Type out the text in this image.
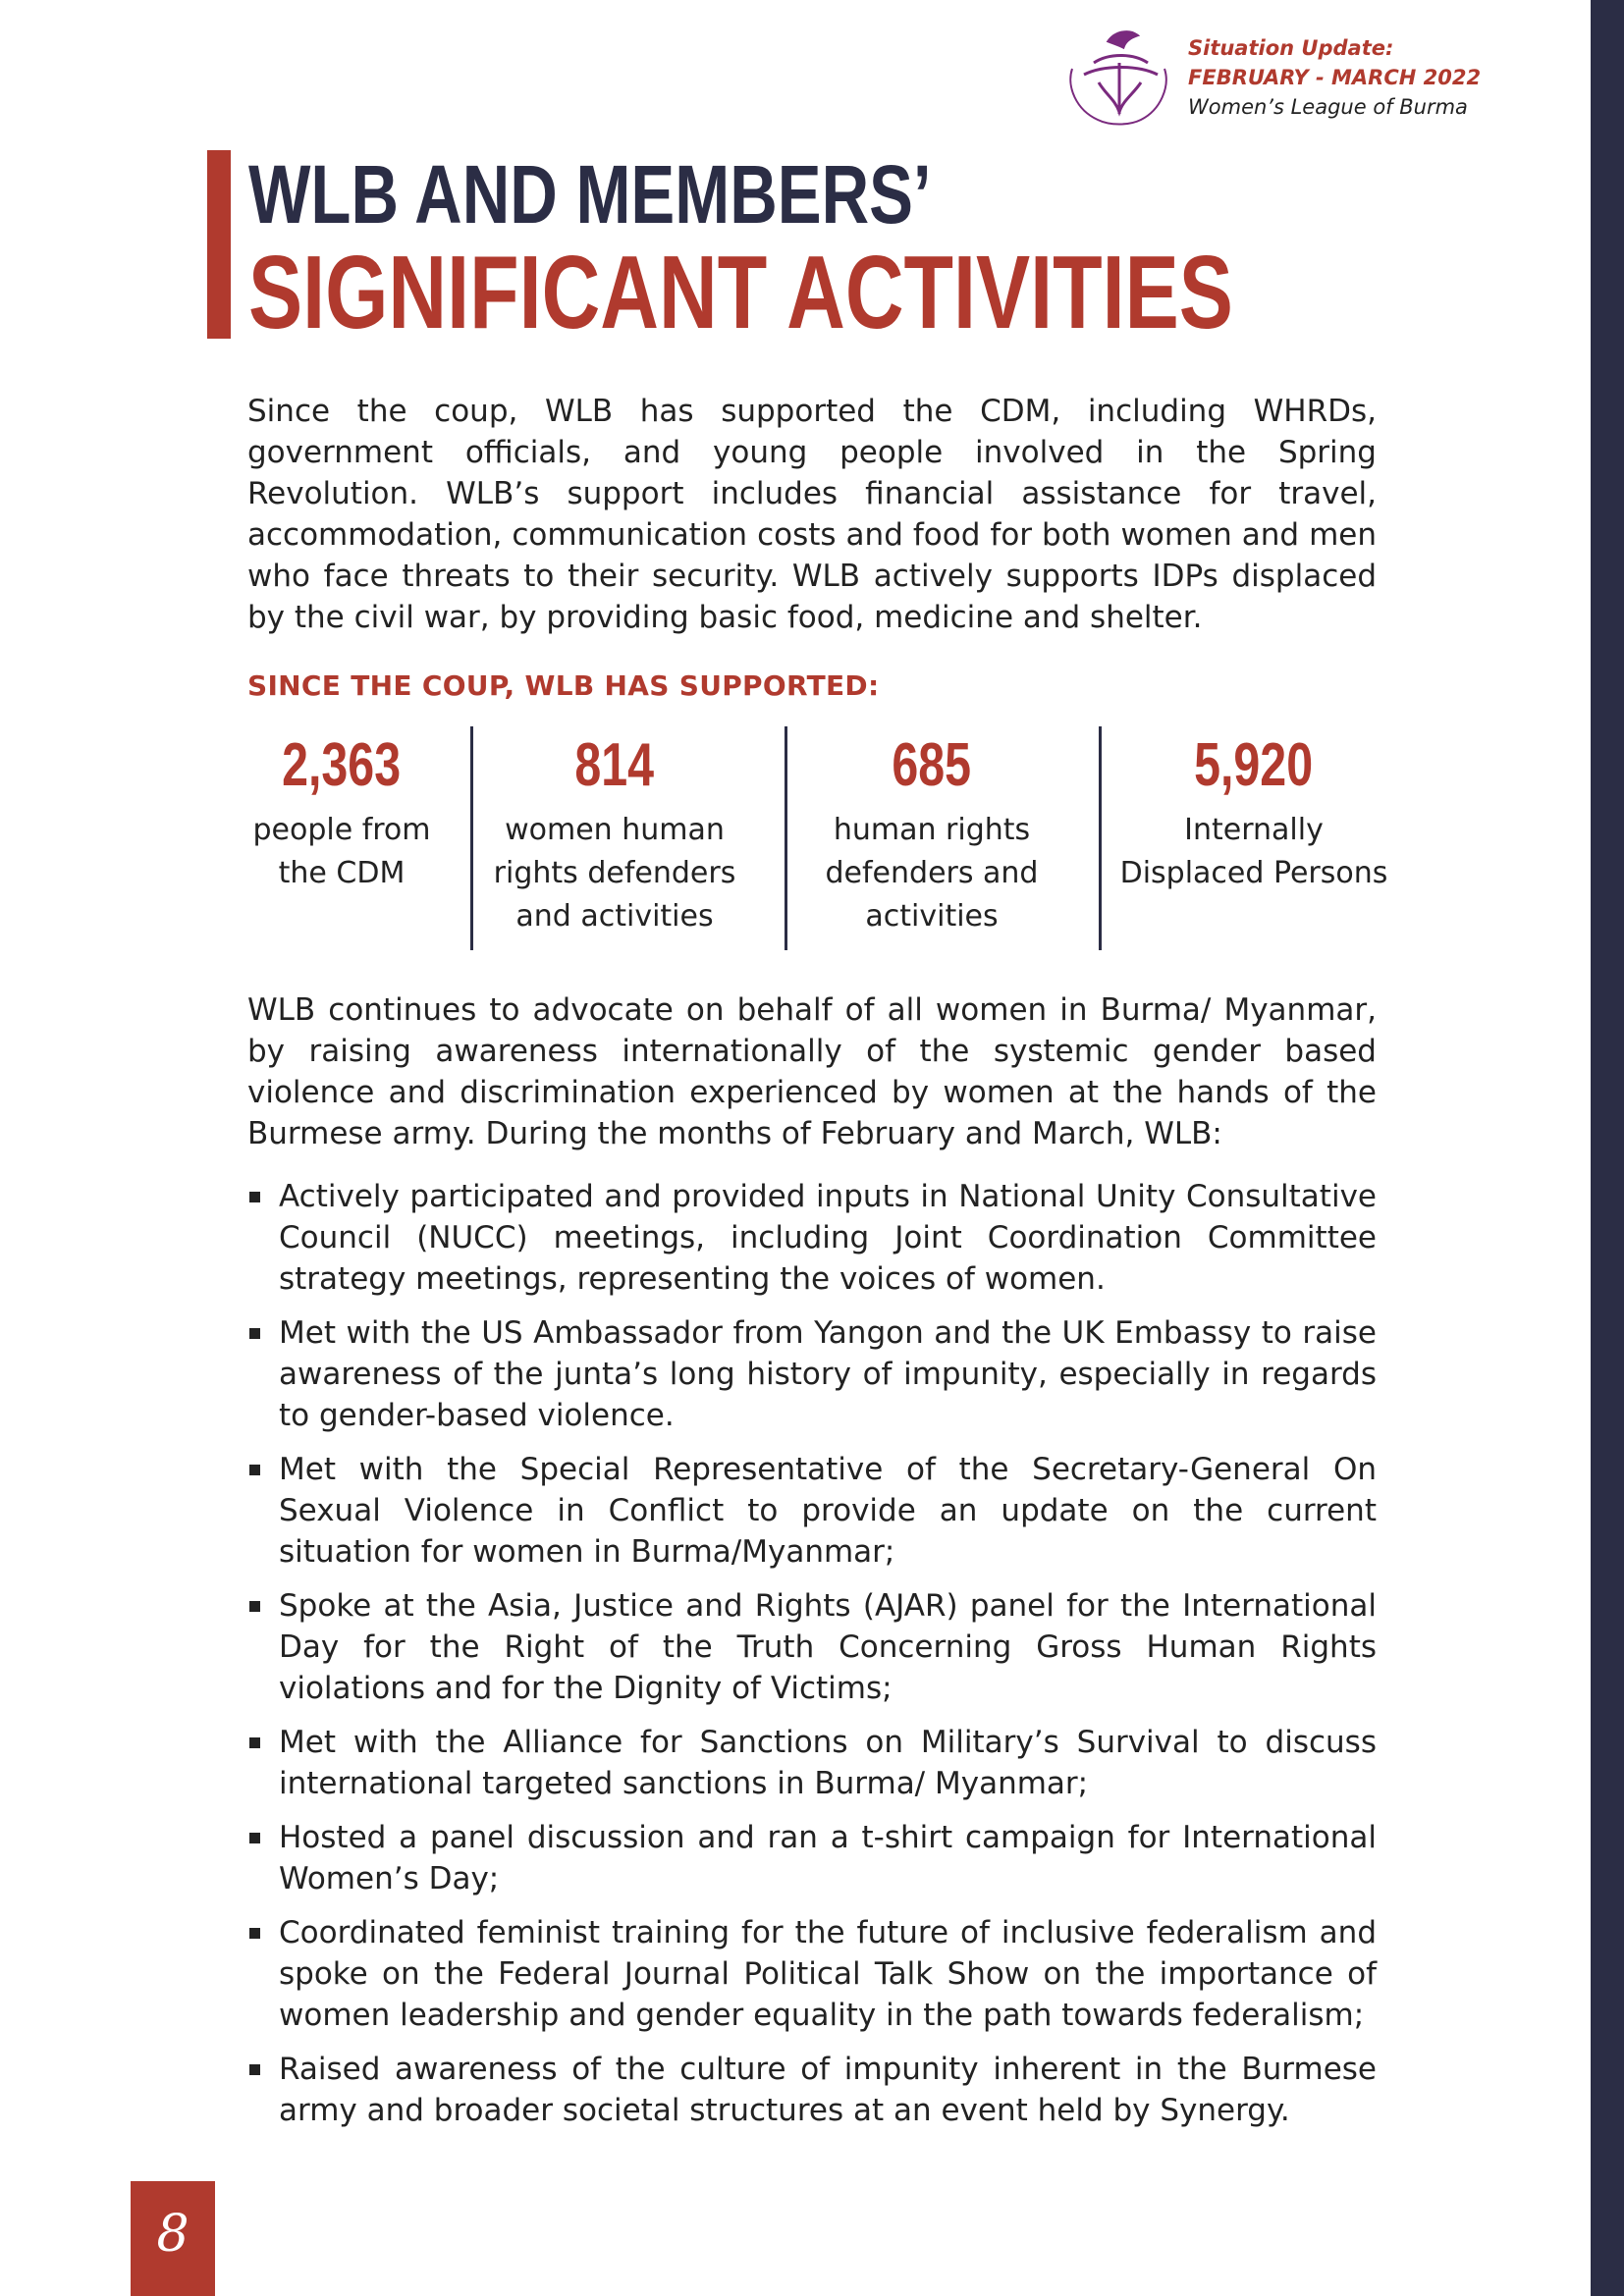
Situation Update:
FEBRUARY - MARCH 2022
Women’s League of Burma
WLB AND MEMBERS’
SIGNIFICANT ACTIVITIES
Since the coup, WLB has supported the CDM, including WHRDs, government officials, and young people involved in the Spring Revolution. WLB’s support includes financial assistance for travel, accommodation, communication costs and food for both women and men who face threats to their security. WLB actively supports IDPs displaced by the civil war, by providing basic food, medicine and shelter.
SINCE THE COUP, WLB HAS SUPPORTED:
2,363
people from
the CDM
814
women human
rights defenders
and activities
685
human rights
defenders and
activities
5,920
Internally
Displaced Persons
WLB continues to advocate on behalf of all women in Burma/ Myanmar, by raising awareness internationally of the systemic gender based violence and discrimination experienced by women at the hands of the Burmese army. During the months of February and March, WLB:
Actively participated and provided inputs in National Unity Consultative Council (NUCC) meetings, including Joint Coordination Committee strategy meetings, representing the voices of women.
Met with the US Ambassador from Yangon and the UK Embassy to raise awareness of the junta’s long history of impunity, especially in regards to gender-based violence.
Met with the Special Representative of the Secretary-General On Sexual Violence in Conflict to provide an update on the current situation for women in Burma/Myanmar;
Spoke at the Asia, Justice and Rights (AJAR) panel for the International Day for the Right of the Truth Concerning Gross Human Rights violations and for the Dignity of Victims;
Met with the Alliance for Sanctions on Military’s Survival to discuss international targeted sanctions in Burma/ Myanmar;
Hosted a panel discussion and ran a t-shirt campaign for International Women’s Day;
Coordinated feminist training for the future of inclusive federalism and spoke on the Federal Journal Political Talk Show on the importance of women leadership and gender equality in the path towards federalism;
Raised awareness of the culture of impunity inherent in the Burmese army and broader societal structures at an event held by Synergy.
8
